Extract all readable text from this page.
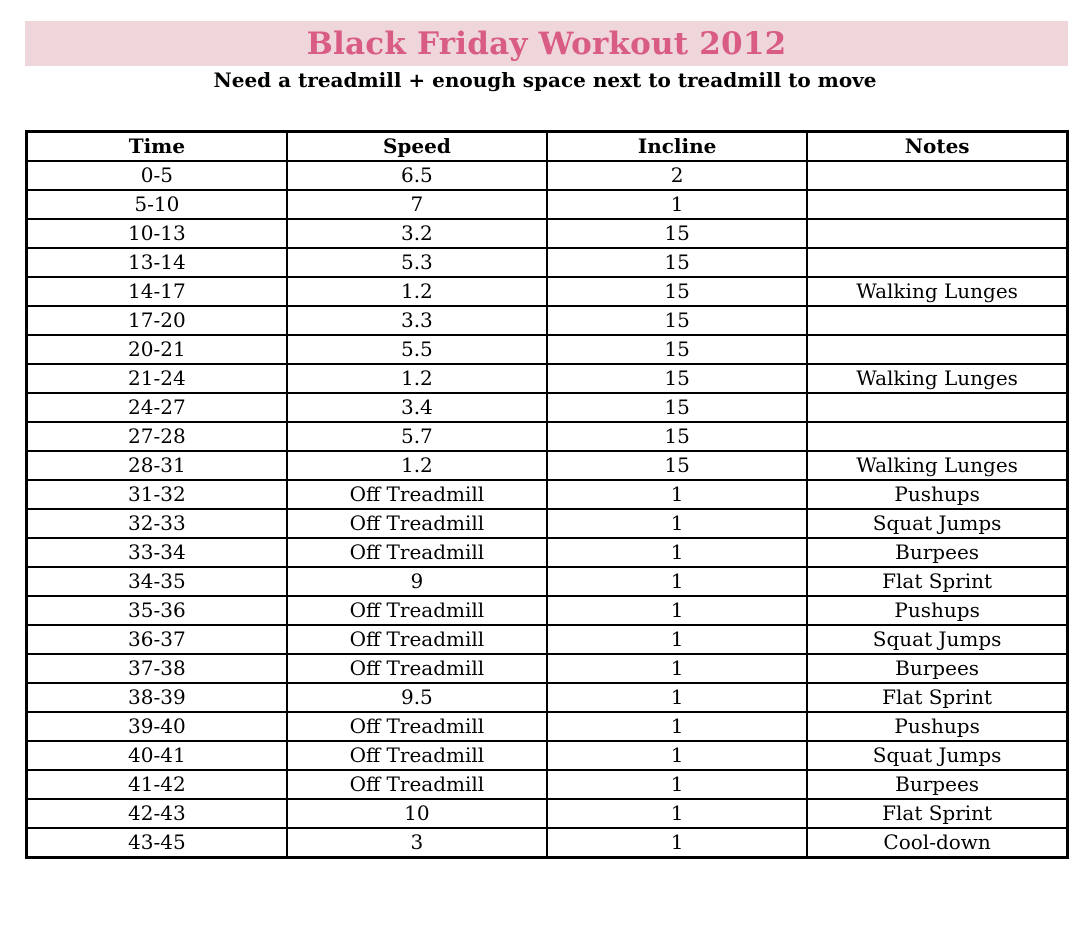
Black Friday Workout 2012
Need a treadmill + enough space next to treadmill to move
Time	Speed	Incline	Notes
0-5	6.5	2	
5-10	7	1	
10-13	3.2	15	
13-14	5.3	15	
14-17	1.2	15	Walking Lunges
17-20	3.3	15	
20-21	5.5	15	
21-24	1.2	15	Walking Lunges
24-27	3.4	15	
27-28	5.7	15	
28-31	1.2	15	Walking Lunges
31-32	Off Treadmill	1	Pushups
32-33	Off Treadmill	1	Squat Jumps
33-34	Off Treadmill	1	Burpees
34-35	9	1	Flat Sprint
35-36	Off Treadmill	1	Pushups
36-37	Off Treadmill	1	Squat Jumps
37-38	Off Treadmill	1	Burpees
38-39	9.5	1	Flat Sprint
39-40	Off Treadmill	1	Pushups
40-41	Off Treadmill	1	Squat Jumps
41-42	Off Treadmill	1	Burpees
42-43	10	1	Flat Sprint
43-45	3	1	Cool-down
